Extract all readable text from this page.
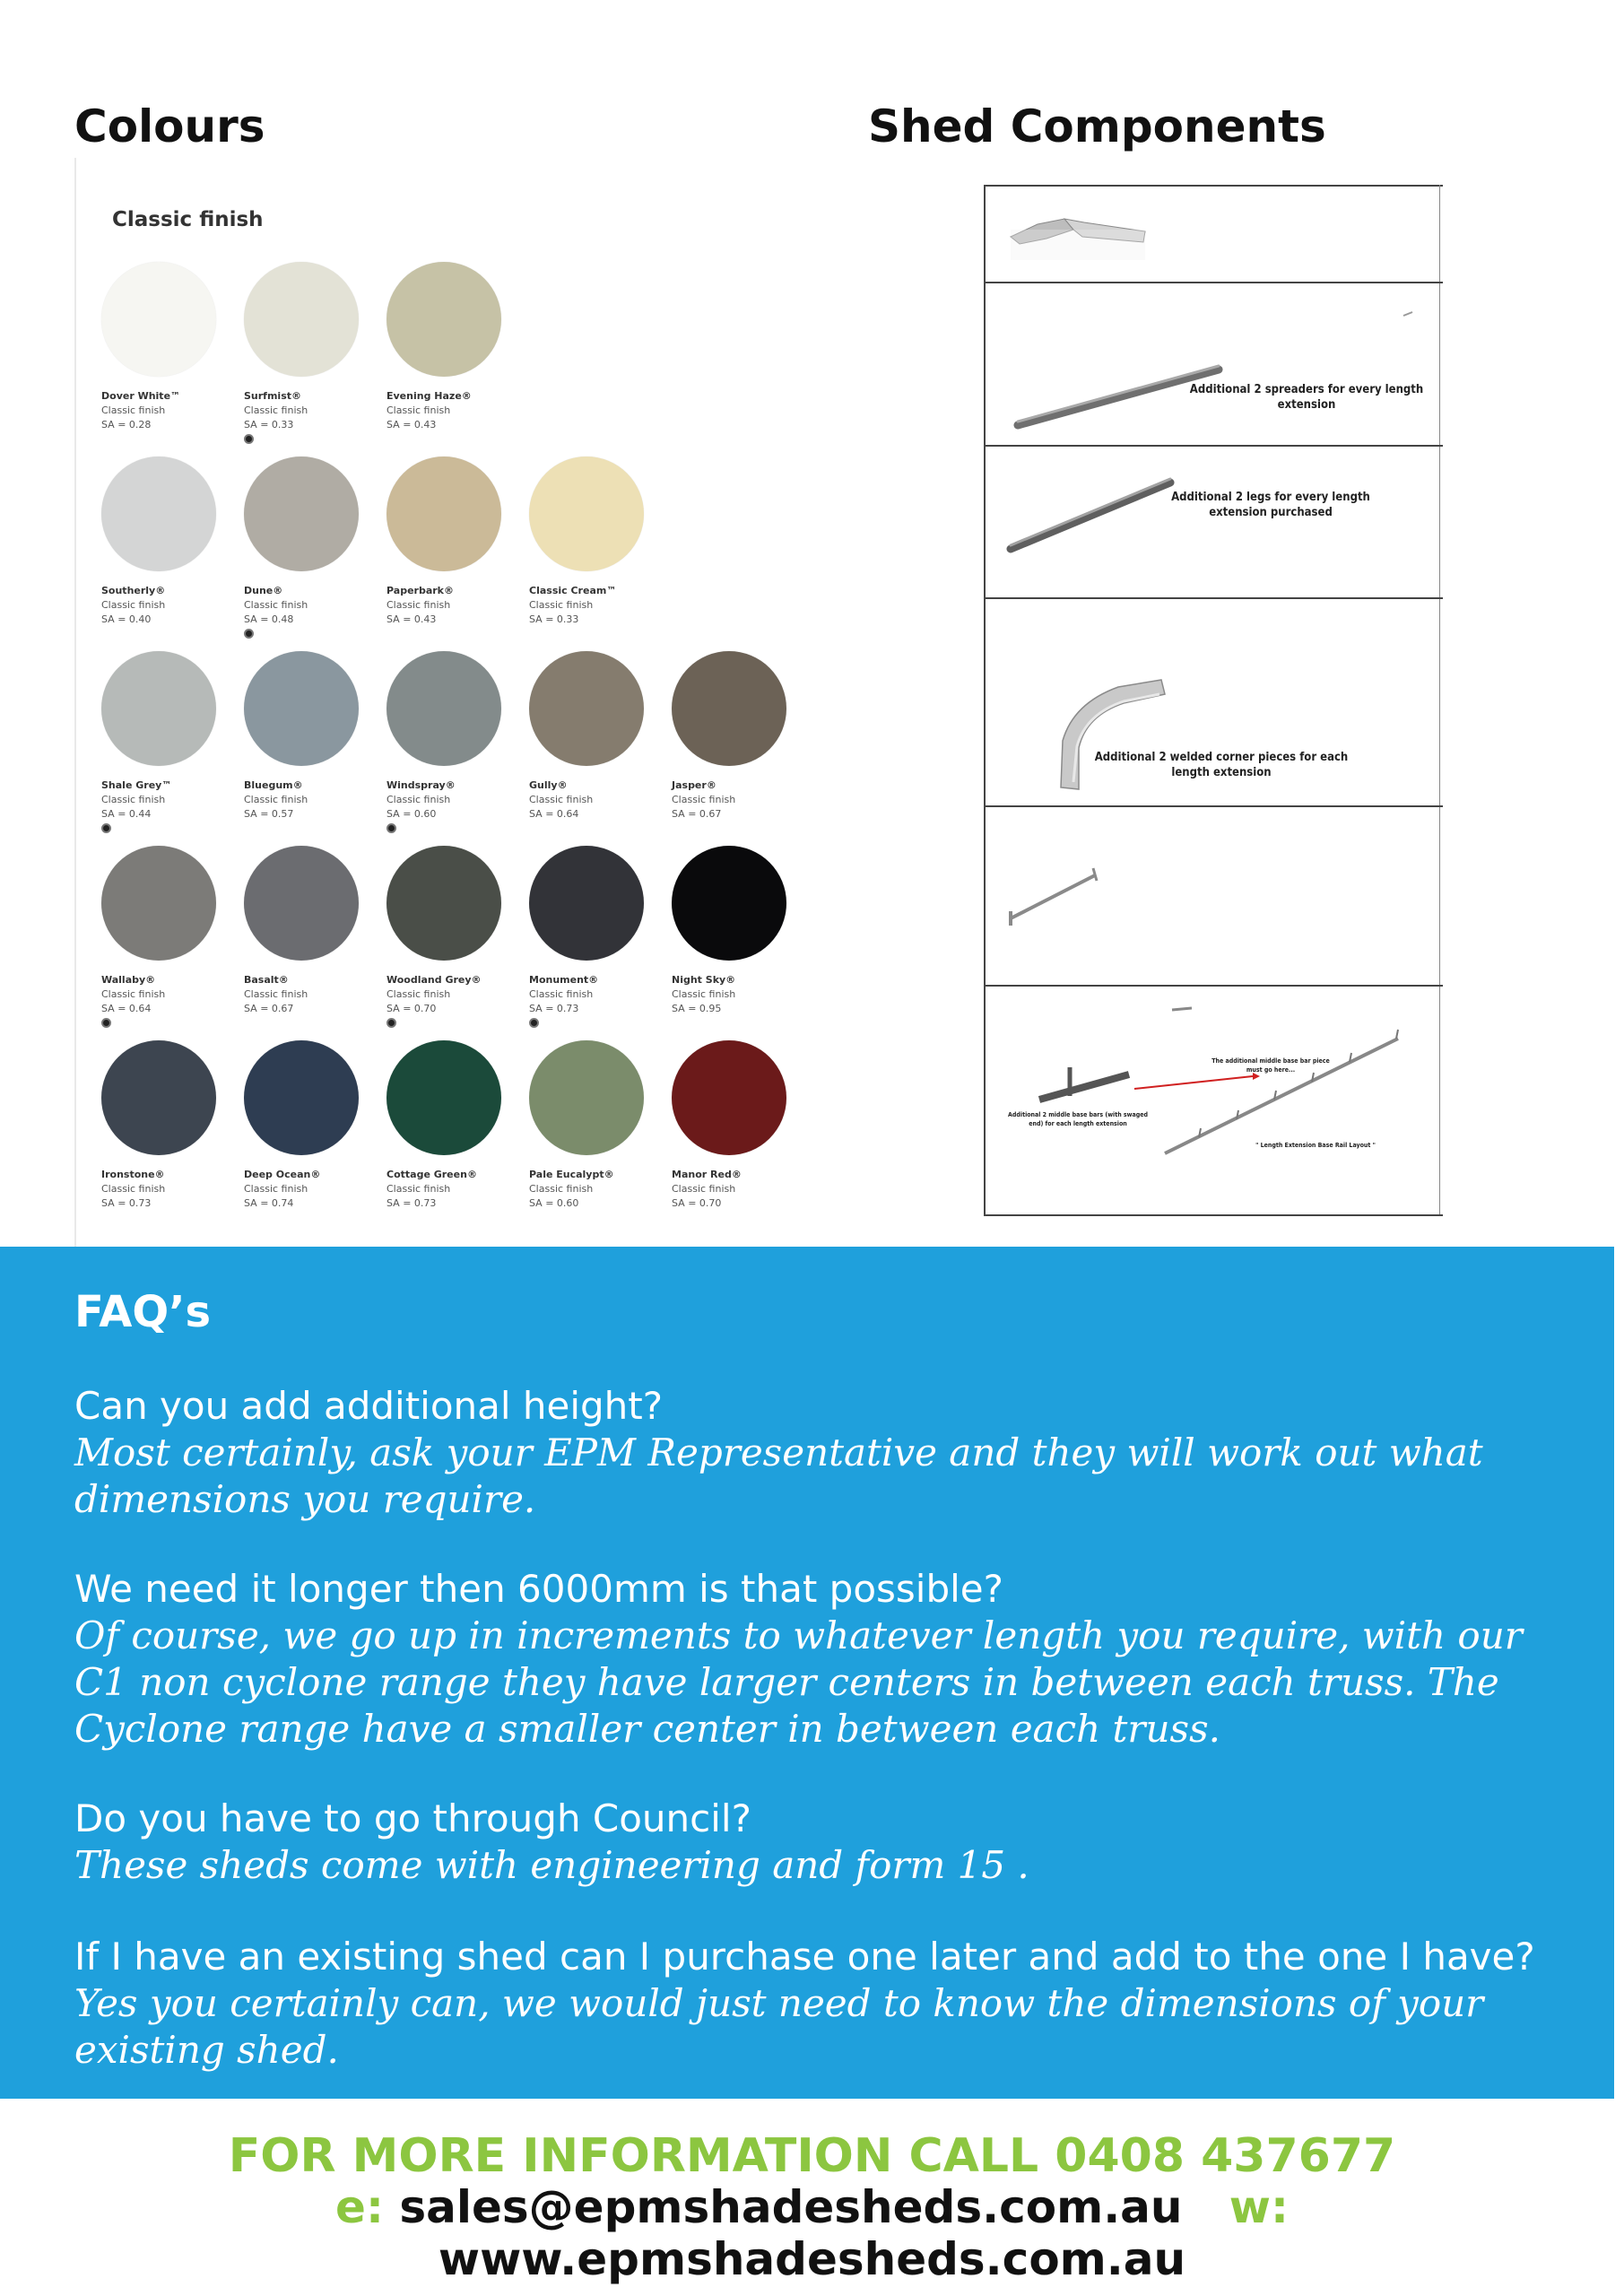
Colours	Shed Components
Classic finish
Dover White™
Classic finish
SA = 0.28
Surfmist®
Classic finish
SA = 0.33
Evening Haze®
Classic finish
SA = 0.43
Southerly®
Classic finish
SA = 0.40
Dune®
Classic finish
SA = 0.48
Paperbark®
Classic finish
SA = 0.43
Classic Cream™
Classic finish
SA = 0.33
Shale Grey™
Classic finish
SA = 0.44
Bluegum®
Classic finish
SA = 0.57
Windspray®
Classic finish
SA = 0.60
Gully®
Classic finish
SA = 0.64
Jasper®
Classic finish
SA = 0.67
Wallaby®
Classic finish
SA = 0.64
Basalt®
Classic finish
SA = 0.67
Woodland Grey®
Classic finish
SA = 0.70
Monument®
Classic finish
SA = 0.73
Night Sky®
Classic finish
SA = 0.95
Ironstone®
Classic finish
SA = 0.73
Deep Ocean®
Classic finish
SA = 0.74
Cottage Green®
Classic finish
SA = 0.73
Pale Eucalypt®
Classic finish
SA = 0.60
Manor Red®
Classic finish
SA = 0.70
Additional 2 spreaders for every length extension
Additional 2 legs for every length extension purchased
Additional 2 welded corner pieces for each length extension
The additional middle base bar piece must go here...
Additional 2 middle base bars (with swaged end) for each length extension
" Length Extension Base Rail Layout "
FAQ’s
Can you add additional height?
Most certainly, ask your EPM Representative and they will work out what dimensions you require.
We need it longer then 6000mm is that possible?
Of course, we go up in increments to whatever length you require, with our C1 non cyclone range they have larger centers in between each truss. The Cyclone range have a smaller center in between each truss.
Do you have to go through Council?
These sheds come with engineering and form 15 .
If I have an existing shed can I purchase one later and add to the one I have?
Yes you certainly can, we would just need to know the dimensions of your existing shed.
FOR MORE INFORMATION CALL 0408 437677
e: sales@epmshadesheds.com.au w: www.epmshadesheds.com.au
